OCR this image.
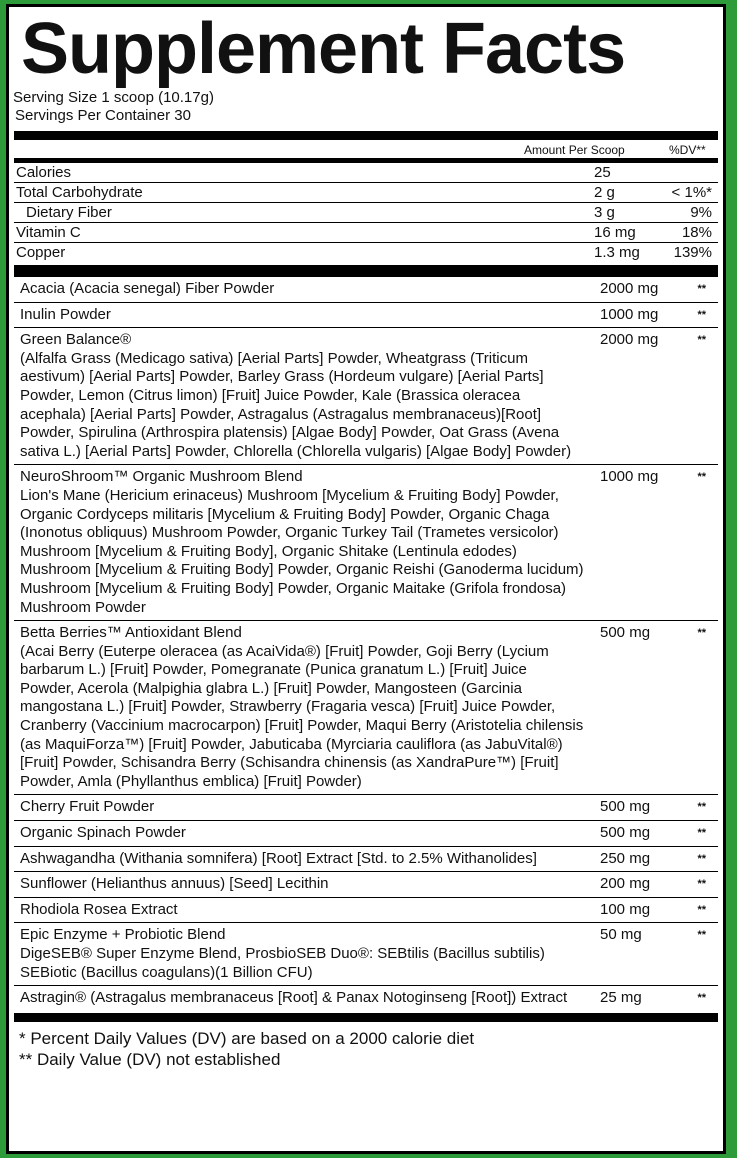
Supplement Facts
Serving Size 1 scoop (10.17g)
Servings Per Container 30
Amount Per Scoop	%DV**
Calories	25
Total Carbohydrate	2 g	< 1%*
Dietary Fiber	3 g	9%
Vitamin C	16 mg	18%
Copper	1.3 mg 139%
Acacia (Acacia senegal) Fiber Powder	2000 mg	**
Inulin Powder	1000 mg	**
Green Balance®
(Alfalfa Grass (Medicago sativa) [Aerial Parts] Powder, Wheatgrass (Triticum aestivum) [Aerial Parts] Powder, Barley Grass (Hordeum vulgare) [Aerial Parts] Powder, Lemon (Citrus limon) [Fruit] Juice Powder, Kale (Brassica oleracea acephala) [Aerial Parts] Powder, Astragalus (Astragalus membranaceus)[Root] Powder, Spirulina (Arthrospira platensis) [Algae Body] Powder, Oat Grass (Avena sativa L.) [Aerial Parts] Powder, Chlorella (Chlorella vulgaris) [Algae Body] Powder)
2000 mg	**
NeuroShroom™ Organic Mushroom Blend
Lion's Mane (Hericium erinaceus) Mushroom [Mycelium & Fruiting Body] Powder, Organic Cordyceps militaris [Mycelium & Fruiting Body] Powder, Organic Chaga (Inonotus obliquus) Mushroom Powder, Organic Turkey Tail (Trametes versicolor) Mushroom [Mycelium & Fruiting Body], Organic Shitake (Lentinula edodes) Mushroom [Mycelium & Fruiting Body] Powder, Organic Reishi (Ganoderma lucidum) Mushroom [Mycelium & Fruiting Body] Powder, Organic Maitake (Grifola frondosa) Mushroom Powder
1000 mg	**
Betta Berries™ Antioxidant Blend
(Acai Berry (Euterpe oleracea (as AcaiVida®) [Fruit] Powder, Goji Berry (Lycium barbarum L.) [Fruit] Powder, Pomegranate (Punica granatum L.) [Fruit] Juice Powder, Acerola (Malpighia glabra L.) [Fruit] Powder, Mangosteen (Garcinia mangostana L.) [Fruit] Powder, Strawberry (Fragaria vesca) [Fruit] Juice Powder, Cranberry (Vaccinium macrocarpon) [Fruit] Powder, Maqui Berry (Aristotelia chilensis (as MaquiForza™) [Fruit] Powder, Jabuticaba (Myrciaria cauliflora (as JabuVital®) [Fruit] Powder, Schisandra Berry (Schisandra chinensis (as XandraPure™) [Fruit] Powder, Amla (Phyllanthus emblica) [Fruit] Powder)
500 mg	**
Cherry Fruit Powder	500 mg	**
Organic Spinach Powder	500 mg	**
Ashwagandha (Withania somnifera) [Root] Extract [Std. to 2.5% Withanolides]	250 mg	**
Sunflower (Helianthus annuus) [Seed] Lecithin	200 mg	**
Rhodiola Rosea Extract	100 mg	**
Epic Enzyme + Probiotic Blend
DigeSEB® Super Enzyme Blend, ProsbioSEB Duo®: SEBtilis (Bacillus subtilis) SEBiotic (Bacillus coagulans)(1 Billion CFU)
50 mg	**
Astragin® (Astragalus membranaceus [Root] & Panax Notoginseng [Root]) Extract	25 mg	**
* Percent Daily Values (DV) are based on a 2000 calorie diet
** Daily Value (DV) not established
